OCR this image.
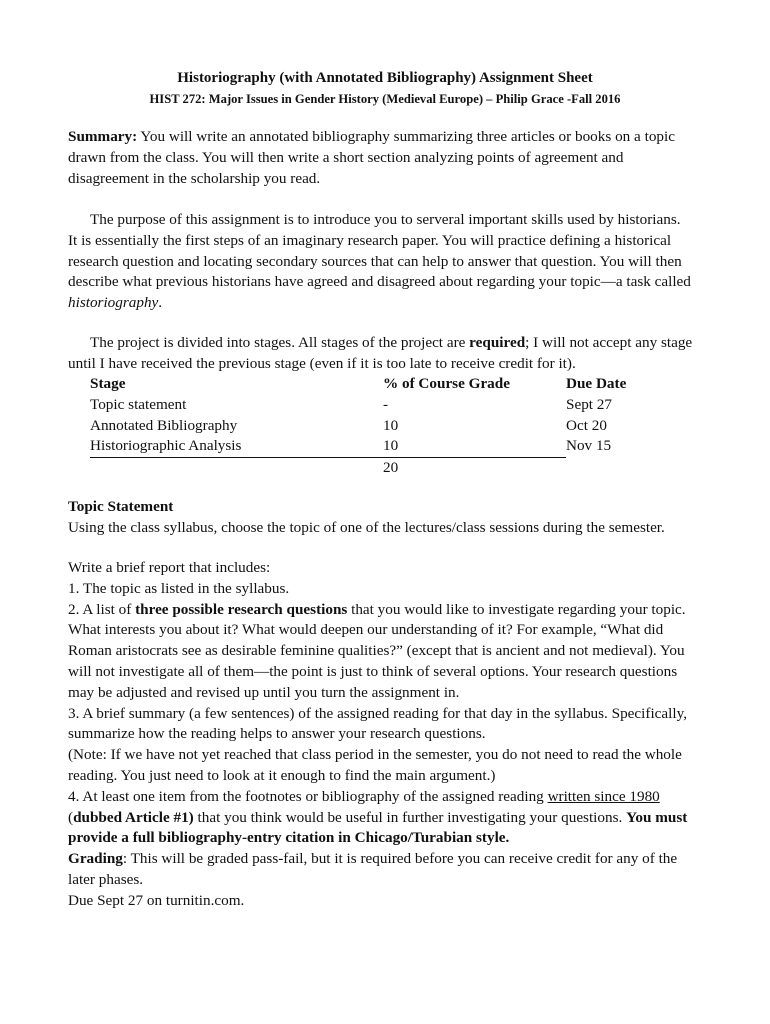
Historiography (with Annotated Bibliography) Assignment Sheet
HIST 272: Major Issues in Gender History (Medieval Europe) – Philip Grace -Fall 2016

Summary: You will write an annotated bibliography summarizing three articles or books on a topic drawn from the class. You will then write a short section analyzing points of agreement and disagreement in the scholarship you read.

The purpose of this assignment is to introduce you to serveral important skills used by historians. It is essentially the first steps of an imaginary research paper. You will practice defining a historical research question and locating secondary sources that can help to answer that question. You will then describe what previous historians have agreed and disagreed about regarding your topic—a task called historiography.

The project is divided into stages. All stages of the project are required; I will not accept any stage until I have received the previous stage (even if it is too late to receive credit for it).

Stage	% of Course Grade	Due Date
Topic statement	-	Sept 27
Annotated Bibliography	10	Oct 20
Historiographic Analysis	10	Nov 15
	20	

Topic Statement

Using the class syllabus, choose the topic of one of the lectures/class sessions during the semester.

Write a brief report that includes:

1. The topic as listed in the syllabus.

2. A list of three possible research questions that you would like to investigate regarding your topic. What interests you about it? What would deepen our understanding of it? For example, “What did Roman aristocrats see as desirable feminine qualities?” (except that is ancient and not medieval). You will not investigate all of them—the point is just to think of several options. Your research questions may be adjusted and revised up until you turn the assignment in.

3. A brief summary (a few sentences) of the assigned reading for that day in the syllabus. Specifically, summarize how the reading helps to answer your research questions.

(Note: If we have not yet reached that class period in the semester, you do not need to read the whole reading. You just need to look at it enough to find the main argument.)

4. At least one item from the footnotes or bibliography of the assigned reading written since 1980
(dubbed Article #1) that you think would be useful in further investigating your questions. You must provide a full bibliography-entry citation in Chicago/Turabian style.

Grading: This will be graded pass-fail, but it is required before you can receive credit for any of the later phases.

Due Sept 27 on turnitin.com.
